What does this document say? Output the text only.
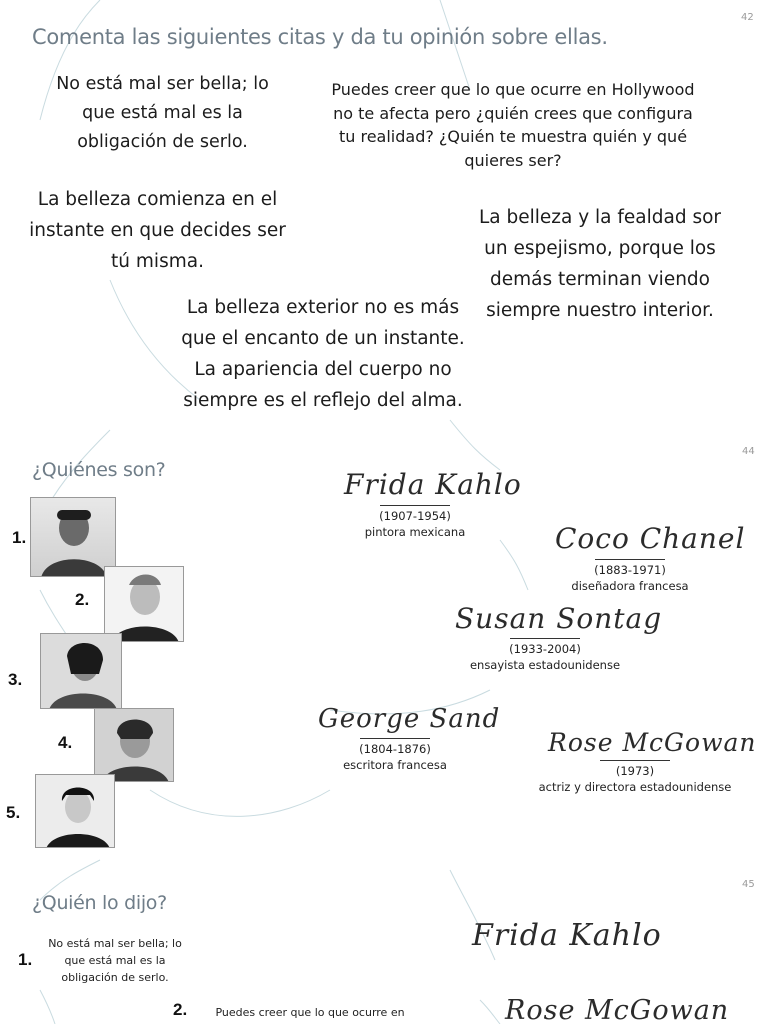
42
Comenta las siguientes citas y da tu opinión sobre ellas.
No está mal ser bella; lo que está mal es la obligación de serlo.
Puedes creer que lo que ocurre en Hollywood no te afecta pero ¿quién crees que configura tu realidad? ¿Quién te muestra quién y qué quieres ser?
La belleza comienza en el instante en que decides ser tú misma.
La belleza y la fealdad sor un espejismo, porque los demás terminan viendo siempre nuestro interior.
La belleza exterior no es más que el encanto de un instante. La apariencia del cuerpo no siempre es el reflejo del alma.
44
¿Quiénes son?
1.
2.
3.
4.
5.
Frida Kahlo
(1907-1954)
pintora mexicana	Coco Chanel
(1883-1971)
diseñadora francesa
Susan Sontag
(1933-2004)
ensayista estadounidense
George Sand
(1804-1876)
escritora francesa
Rose McGowan
(1973)
actriz y directora estadounidense
45
¿Quién lo dijo?
1.
No está mal ser bella; lo que está mal es la obligación de serlo.
2.	Puedes creer que lo que ocurre en
Frida Kahlo
Rose McGowan
